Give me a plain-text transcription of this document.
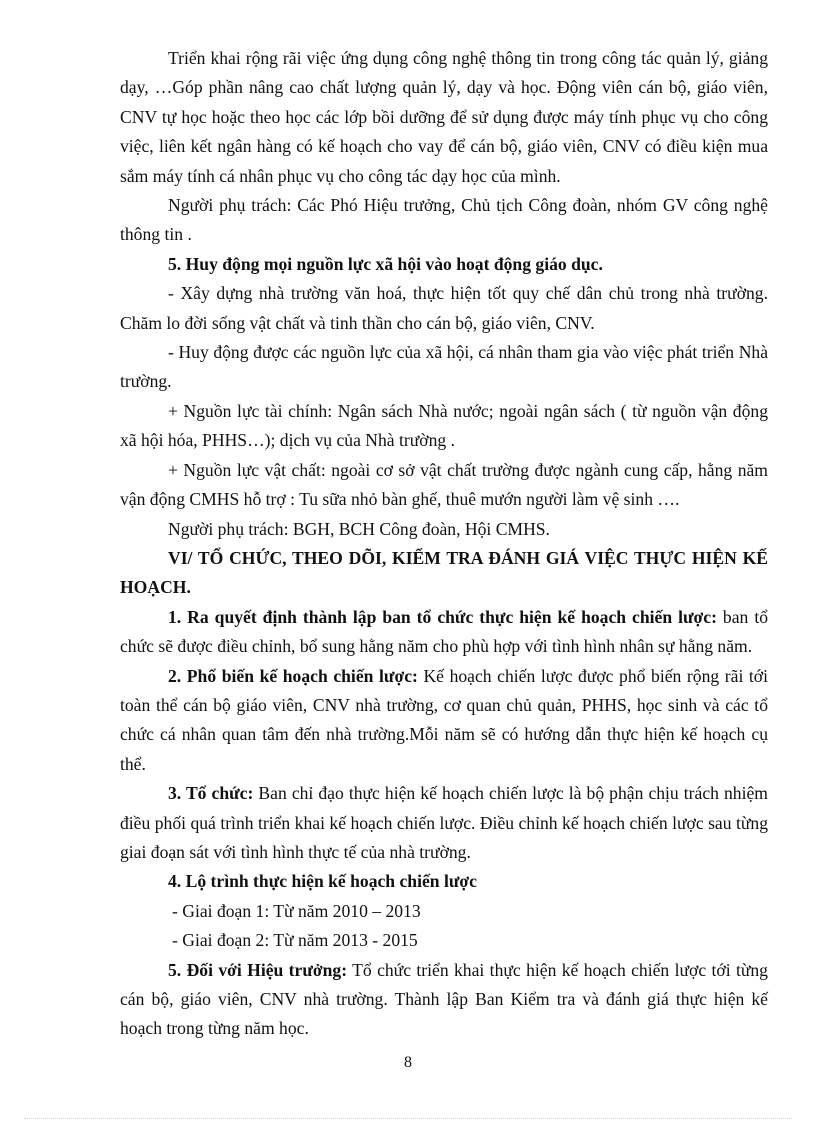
Triển khai rộng rãi việc ứng dụng công nghệ thông tin trong công tác quản lý, giảng dạy, …Góp phần nâng cao chất lượng quản lý, dạy và học. Động viên cán bộ, giáo viên, CNV tự học hoặc theo học các lớp bồi dưỡng để sử dụng được máy tính phục vụ cho công việc, liên kết ngân hàng có kế hoạch cho vay để cán bộ, giáo viên, CNV có điều kiện mua sắm máy tính cá nhân phục vụ cho công tác dạy học của mình.

Người phụ trách: Các Phó Hiệu trưởng, Chủ tịch Công đoàn, nhóm GV công nghệ thông tin .

5. Huy động mọi nguồn lực xã hội vào hoạt động giáo dục.

- Xây dựng nhà trường văn hoá, thực hiện tốt quy chế dân chủ trong nhà trường. Chăm lo đời sống vật chất và tinh thần cho cán bộ, giáo viên, CNV.

- Huy động được các nguồn lực của xã hội, cá nhân tham gia vào việc phát triển Nhà trường.

+ Nguồn lực tài chính: Ngân sách Nhà nước; ngoài ngân sách ( từ nguồn vận động xã hội hóa, PHHS…); dịch vụ của Nhà trường .

+ Nguồn lực vật chất: ngoài cơ sở vật chất trường được ngành cung cấp, hằng năm vận động CMHS hỗ trợ : Tu sữa nhỏ bàn ghế, thuê mướn người làm vệ sinh ….

Người phụ trách: BGH, BCH Công đoàn, Hội CMHS.

VI/ TỔ CHỨC, THEO DÕI, KIỂM TRA ĐÁNH GIÁ VIỆC THỰC HIỆN KẾ HOẠCH.

1. Ra quyết định thành lập ban tổ chức thực hiện kế hoạch chiến lược: ban tổ chức sẽ được điều chỉnh, bổ sung hằng năm cho phù hợp với tình hình nhân sự hằng năm.

2. Phổ biến kế hoạch chiến lược: Kế hoạch chiến lược được phổ biến rộng rãi tới toàn thể cán bộ giáo viên, CNV nhà trường, cơ quan chủ quản, PHHS, học sinh và các tổ chức cá nhân quan tâm đến nhà trường.Mỗi năm sẽ có hướng dẫn thực hiện kế hoạch cụ thể.

3. Tổ chức: Ban chỉ đạo thực hiện kế hoạch chiến lược là bộ phận chịu trách nhiệm điều phối quá trình triển khai kế hoạch chiến lược. Điều chỉnh kế hoạch chiến lược sau từng giai đoạn sát với tình hình thực tế của nhà trường.

4. Lộ trình thực hiện kế hoạch chiến lược

- Giai đoạn 1: Từ năm 2010 – 2013

- Giai đoạn 2: Từ năm 2013 - 2015

5. Đối với Hiệu trưởng: Tổ chức triển khai thực hiện kế hoạch chiến lược tới từng cán bộ, giáo viên, CNV nhà trường. Thành lập Ban Kiểm tra và đánh giá thực hiện kế hoạch trong từng năm học.

8
